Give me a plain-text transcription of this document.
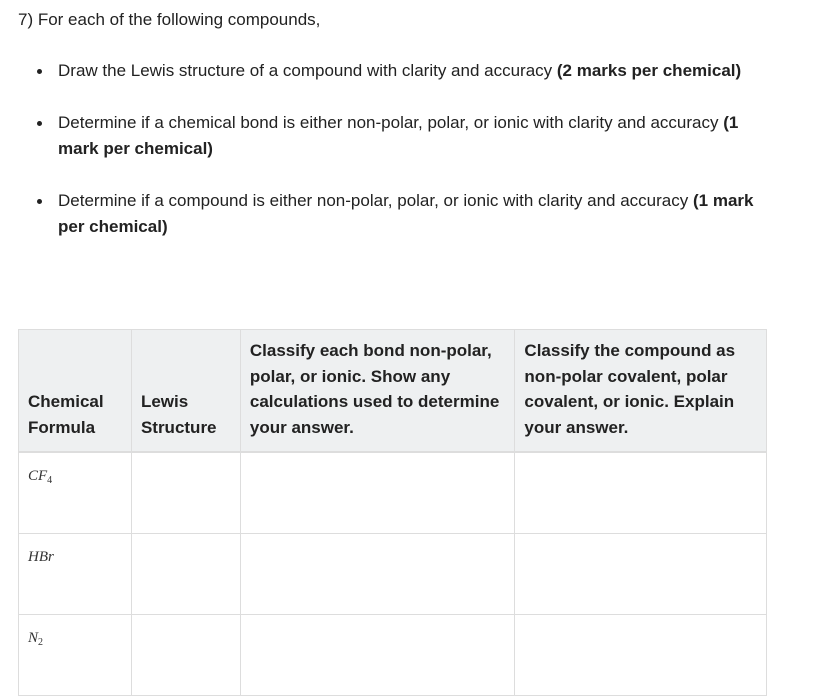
7) For each of the following compounds,
Draw the Lewis structure of a compound with clarity and accuracy (2 marks per chemical)
Determine if a chemical bond is either non-polar, polar, or ionic with clarity and accuracy (1 mark per chemical)
Determine if a compound is either non-polar, polar, or ionic with clarity and accuracy (1 mark per chemical)
Chemical Formula	Lewis Structure	Classify each bond non-polar, polar, or ionic. Show any calculations used to determine your answer.	Classify the compound as non-polar covalent, polar covalent, or ionic. Explain your answer.
$CF_4$			
HBr			
$N_2$			
